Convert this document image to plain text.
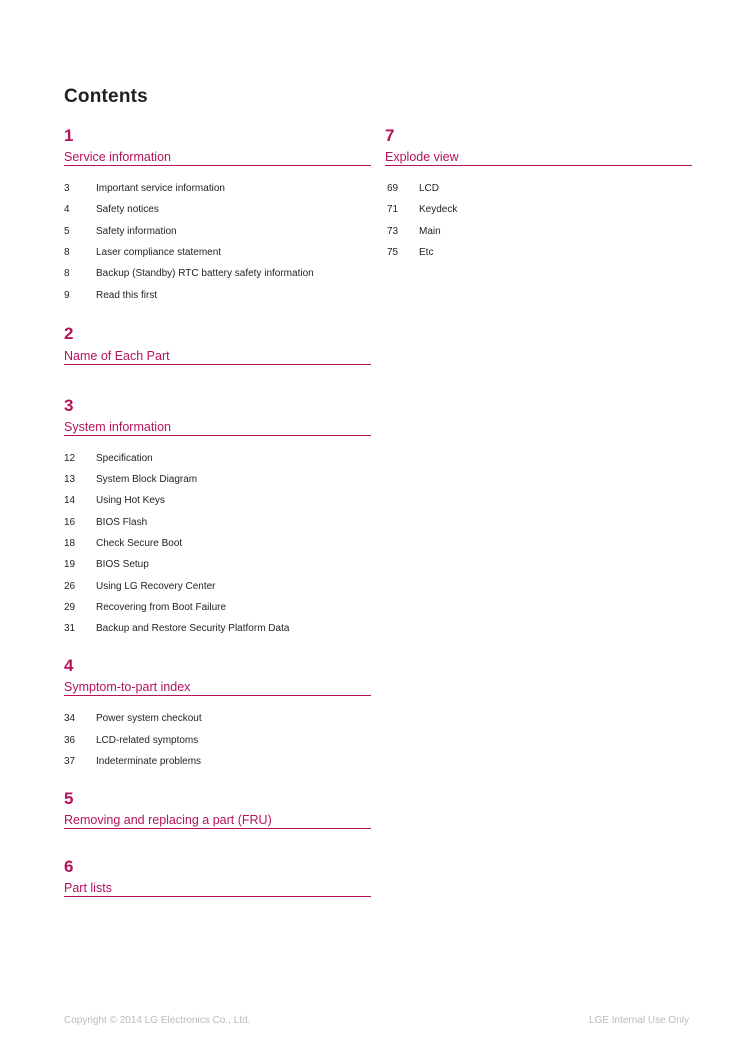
Contents
1
Service information
3	Important service information
4	Safety notices
5	Safety information
8	Laser compliance statement
8	Backup (Standby) RTC battery safety information
9	Read this first
2
Name of Each Part
3
System information
12 Specification
13 System Block Diagram
14 Using Hot Keys
16 BIOS Flash
18 Check Secure Boot
19 BIOS Setup
26 Using LG Recovery Center
29 Recovering from Boot Failure
31 Backup and Restore Security Platform Data
4
Symptom-to-part index
34 Power system checkout
36 LCD-related symptoms
37 Indeterminate problems
5
Removing and replacing a part (FRU)
6
Part lists
7
Explode view
69 LCD
71 Keydeck
73 Main
75 Etc
Copyright © 2014 LG Electronics Co., Ltd.	LGE Internal Use Only
